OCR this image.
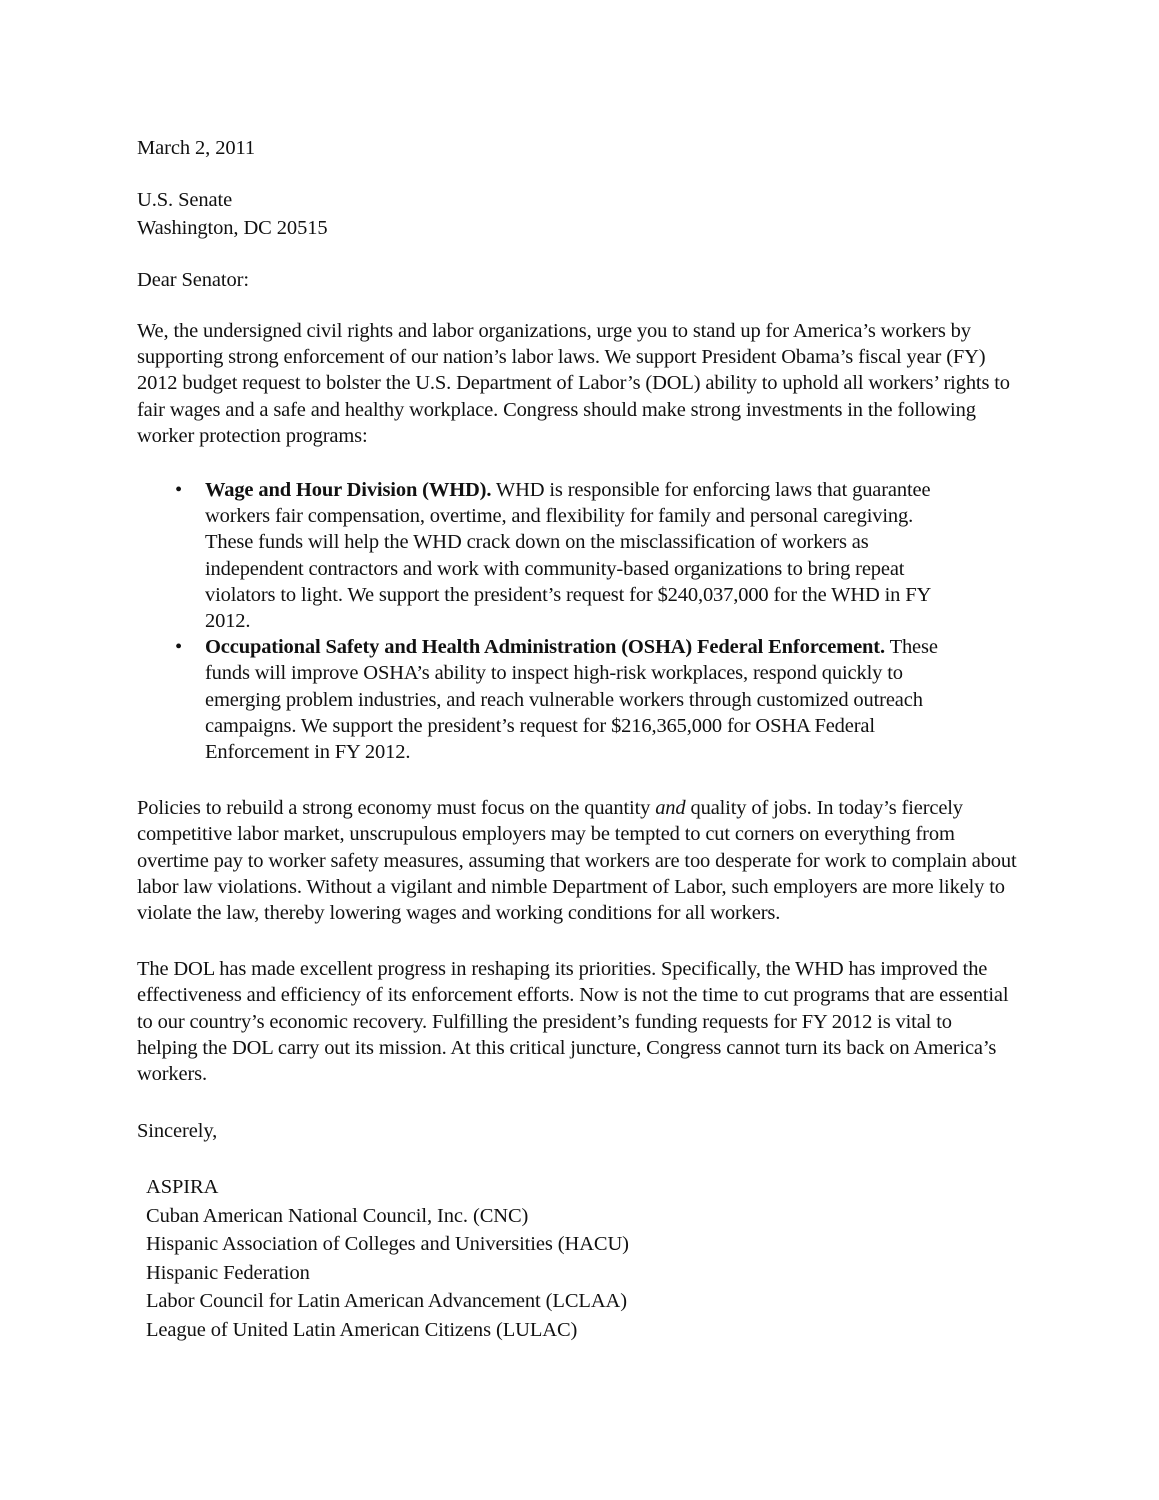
March 2, 2011
U.S. Senate
Washington, DC 20515
Dear Senator:

We, the undersigned civil rights and labor organizations, urge you to stand up for America’s workers by supporting strong enforcement of our nation’s labor laws. We support President Obama’s fiscal year (FY) 2012 budget request to bolster the U.S. Department of Labor’s (DOL) ability to uphold all workers’ rights to fair wages and a safe and healthy workplace. Congress should make strong investments in the following worker protection programs:

• Wage and Hour Division (WHD). WHD is responsible for enforcing laws that guarantee workers fair compensation, overtime, and flexibility for family and personal caregiving. These funds will help the WHD crack down on the misclassification of workers as independent contractors and work with community-based organizations to bring repeat violators to light. We support the president’s request for $240,037,000 for the WHD in FY 2012.
• Occupational Safety and Health Administration (OSHA) Federal Enforcement. These funds will improve OSHA’s ability to inspect high-risk workplaces, respond quickly to emerging problem industries, and reach vulnerable workers through customized outreach campaigns. We support the president’s request for $216,365,000 for OSHA Federal Enforcement in FY 2012.

Policies to rebuild a strong economy must focus on the quantity and quality of jobs. In today’s fiercely competitive labor market, unscrupulous employers may be tempted to cut corners on everything from overtime pay to worker safety measures, assuming that workers are too desperate for work to complain about labor law violations. Without a vigilant and nimble Department of Labor, such employers are more likely to violate the law, thereby lowering wages and working conditions for all workers.

The DOL has made excellent progress in reshaping its priorities. Specifically, the WHD has improved the effectiveness and efficiency of its enforcement efforts. Now is not the time to cut programs that are essential to our country’s economic recovery. Fulfilling the president’s funding requests for FY 2012 is vital to helping the DOL carry out its mission. At this critical juncture, Congress cannot turn its back on America’s workers.

Sincerely,
ASPIRA
Cuban American National Council, Inc. (CNC)
Hispanic Association of Colleges and Universities (HACU)
Hispanic Federation
Labor Council for Latin American Advancement (LCLAA)
League of United Latin American Citizens (LULAC)
